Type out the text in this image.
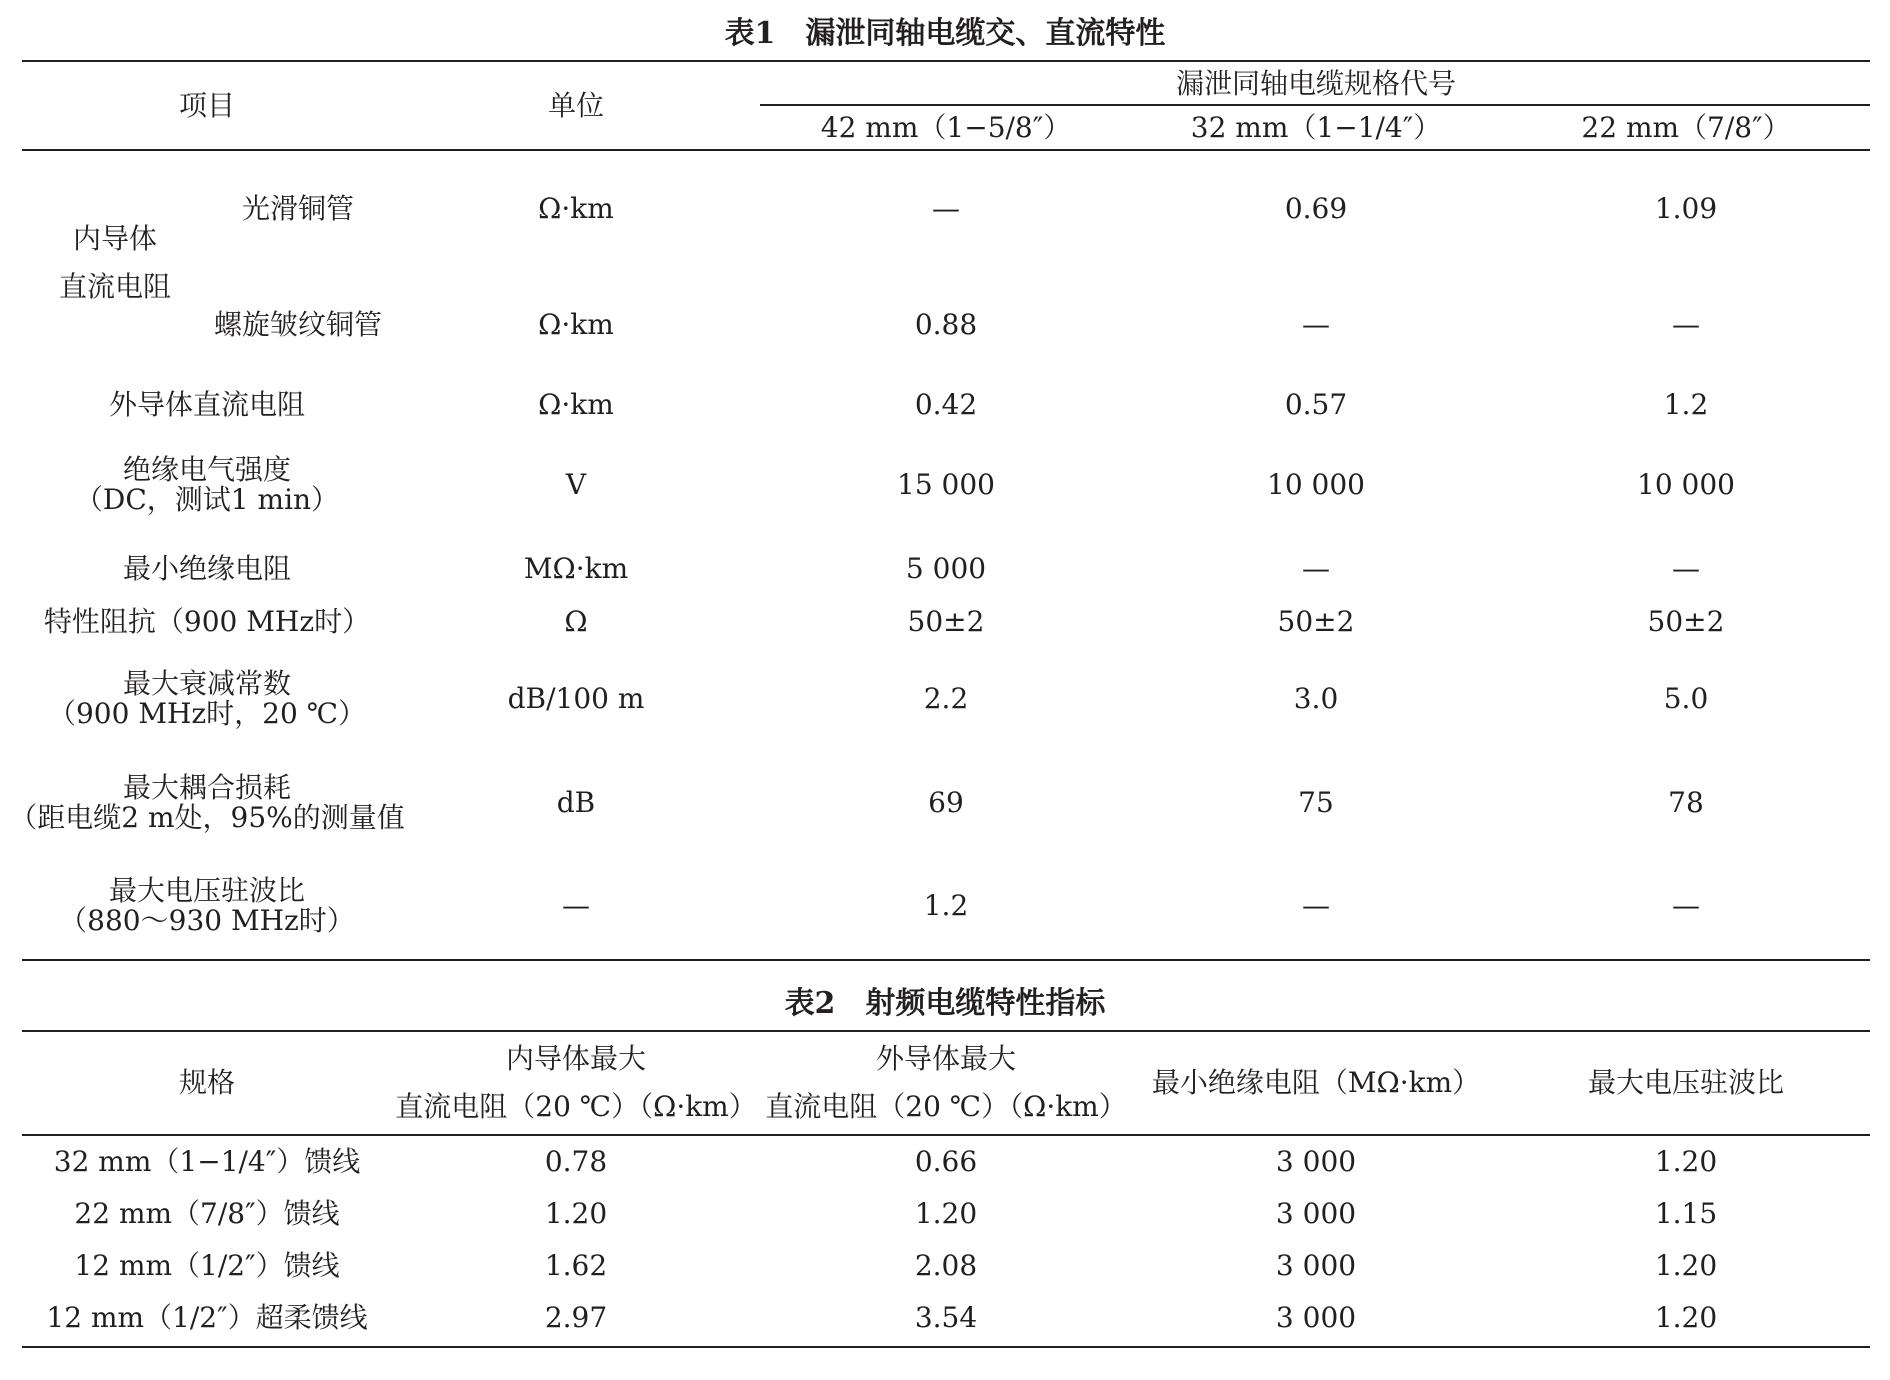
表1　漏泄同轴电缆交、直流特性
项目	单位
漏泄同轴电缆规格代号
42 mm（1−5/8″）	32 mm（1−1/4″）	22 mm（7/8″）
内导体
直流电阻
光滑铜管	Ω·km	—	0.69	1.09
螺旋皱纹铜管	Ω·km	0.88	—	—
外导体直流电阻	Ω·km	0.42	0.57	1.2
绝缘电气强度
（DC，测试1 min）	V	15 000	10 000	10 000
最小绝缘电阻	MΩ·km	5 000	—	—
特性阻抗（900 MHz时）	Ω	50±2	50±2	50±2
最大衰减常数
（900 MHz时，20 ℃）	dB/100 m	2.2	3.0	5.0
最大耦合损耗
（距电缆2 m处，95%的测量值	dB	69	75	78
最大电压驻波比
（880～930 MHz时）	—	1.2	—	—
表2　射频电缆特性指标
规格
内导体最大
直流电阻（20 ℃）（Ω·km）
外导体最大
直流电阻（20 ℃）（Ω·km）
最小绝缘电阻（MΩ·km）	最大电压驻波比
32 mm（1−1/4″）馈线	0.78	0.66	3 000	1.20
22 mm（7/8″）馈线	1.20	1.20	3 000	1.15
12 mm（1/2″）馈线	1.62	2.08	3 000	1.20
12 mm（1/2″）超柔馈线	2.97	3.54	3 000	1.20
